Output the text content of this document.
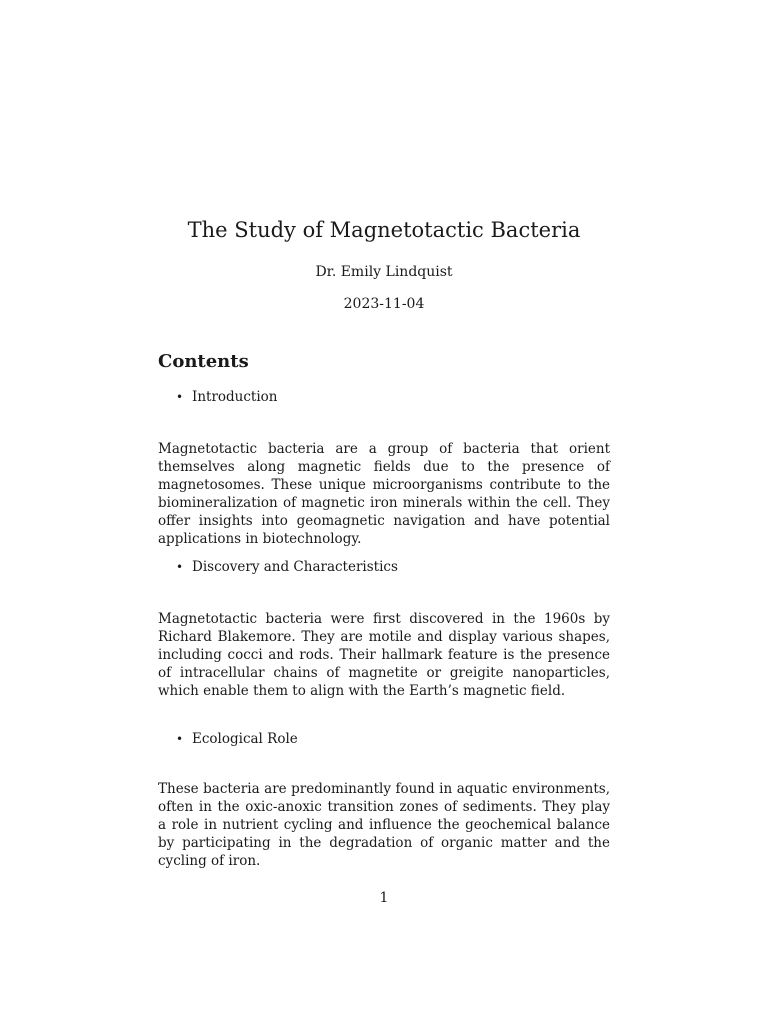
The Study of Magnetotactic Bacteria
Dr. Emily Lindquist
2023-11-04
Contents
• Introduction
Magnetotactic bacteria are a group of bacteria that orient themselves along magnetic fields due to the presence of magnetosomes. These unique microorganisms contribute to the biomineralization of magnetic iron minerals within the cell. They offer insights into geomagnetic navigation and have potential applications in biotechnology.
• Discovery and Characteristics
Magnetotactic bacteria were first discovered in the 1960s by Richard Blakemore. They are motile and display various shapes, including cocci and rods. Their hallmark feature is the presence of intracellular chains of magnetite or greigite nanoparticles, which enable them to align with the Earth’s magnetic field.
• Ecological Role
These bacteria are predominantly found in aquatic environments, often in the oxic-anoxic transition zones of sediments. They play a role in nutrient cycling and influence the geochemical balance by participating in the degradation of organic matter and the cycling of iron.
1
